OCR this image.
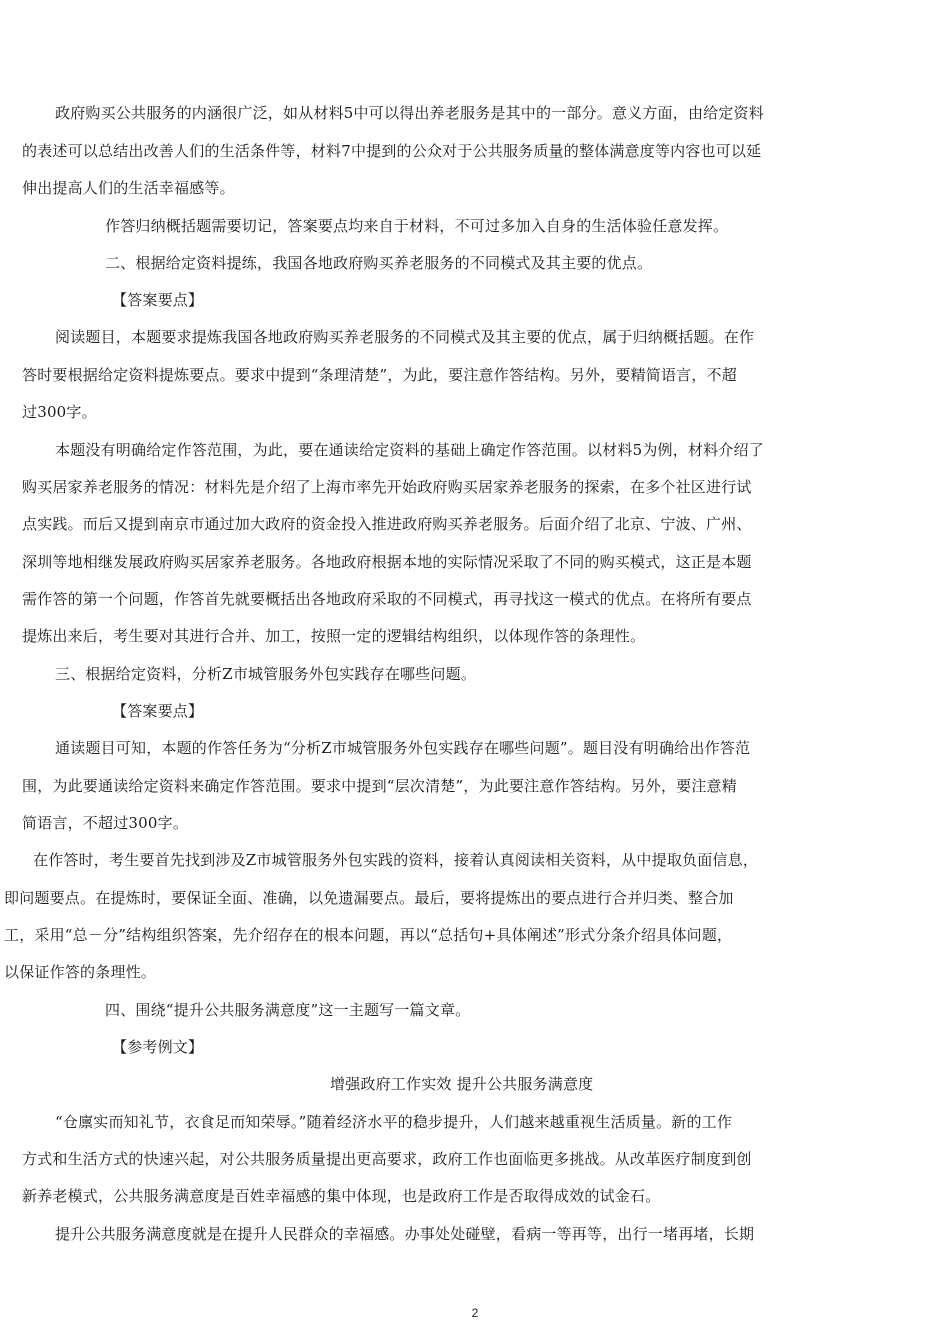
政府购买公共服务的内涵很广泛，如从材料5中可以得出养老服务是其中的一部分。意义方面，由给定资料
的表述可以总结出改善人们的生活条件等，材料7中提到的公众对于公共服务质量的整体满意度等内容也可以延
伸出提高人们的生活幸福感等。
作答归纳概括题需要切记，答案要点均来自于材料，不可过多加入自身的生活体验任意发挥。
二、根据给定资料提练，我国各地政府购买养老服务的不同模式及其主要的优点。
【答案要点】
阅读题目，本题要求提炼我国各地政府购买养老服务的不同模式及其主要的优点，属于归纳概括题。在作
答时要根据给定资料提炼要点。要求中提到“条理清楚”，为此，要注意作答结构。另外，要精简语言，不超
过300字。
本题没有明确给定作答范围，为此，要在通读给定资料的基础上确定作答范围。以材料5为例，材料介绍了
购买居家养老服务的情况：材料先是介绍了上海市率先开始政府购买居家养老服务的探索，在多个社区进行试
点实践。而后又提到南京市通过加大政府的资金投入推进政府购买养老服务。后面介绍了北京、宁波、广州、
深圳等地相继发展政府购买居家养老服务。各地政府根据本地的实际情况采取了不同的购买模式，这正是本题
需作答的第一个问题，作答首先就要概括出各地政府采取的不同模式，再寻找这一模式的优点。在将所有要点
提炼出来后，考生要对其进行合并、加工，按照一定的逻辑结构组织，以体现作答的条理性。
三、根据给定资料，分析Z市城管服务外包实践存在哪些问题。
【答案要点】
通读题目可知，本题的作答任务为“分析Z市城管服务外包实践存在哪些问题”。题目没有明确给出作答范
围，为此要通读给定资料来确定作答范围。要求中提到“层次清楚”，为此要注意作答结构。另外，要注意精
简语言，不超过300字。
在作答时，考生要首先找到涉及Z市城管服务外包实践的资料，接着认真阅读相关资料，从中提取负面信息，
即问题要点。在提炼时，要保证全面、准确，以免遗漏要点。最后，要将提炼出的要点进行合并归类、整合加
工，采用“总－分”结构组织答案，先介绍存在的根本问题，再以“总括句+具体阐述”形式分条介绍具体问题，
以保证作答的条理性。
四、围绕“提升公共服务满意度”这一主题写一篇文章。
【参考例文】
增强政府工作实效 提升公共服务满意度
“仓廪实而知礼节，衣食足而知荣辱。”随着经济水平的稳步提升，人们越来越重视生活质量。新的工作
方式和生活方式的快速兴起，对公共服务质量提出更高要求，政府工作也面临更多挑战。从改革医疗制度到创
新养老模式，公共服务满意度是百姓幸福感的集中体现，也是政府工作是否取得成效的试金石。
提升公共服务满意度就是在提升人民群众的幸福感。办事处处碰壁，看病一等再等，出行一堵再堵，长期
2
